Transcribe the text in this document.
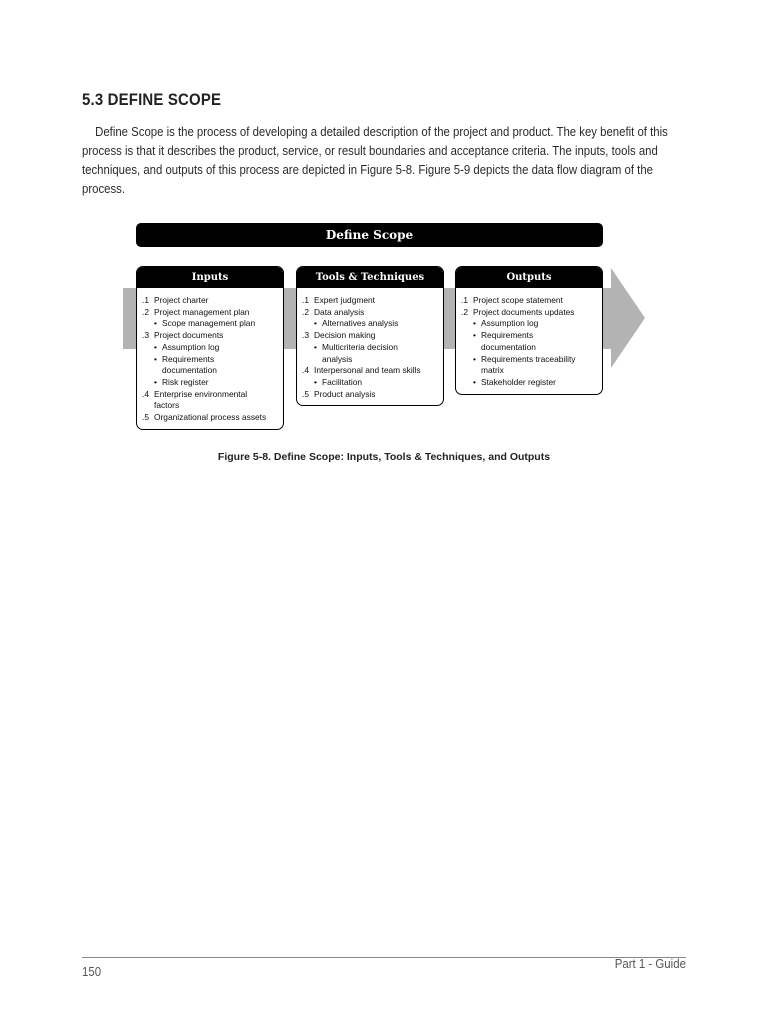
5.3 DEFINE SCOPE
Define Scope is the process of developing a detailed description of the project and product. The key benefit of this process is that it describes the product, service, or result boundaries and acceptance criteria. The inputs, tools and techniques, and outputs of this process are depicted in Figure 5-8. Figure 5-9 depicts the data flow diagram of the process.
Define Scope
Inputs
.1 Project charter
.2 Project management plan
• Scope management plan
.3 Project documents
• Assumption log
• Requirements
documentation
• Risk register
.4 Enterprise environmental
factors
.5 Organizational process assets
Tools & Techniques
.1 Expert judgment
.2 Data analysis
• Alternatives analysis
.3 Decision making
• Multicriteria decision
analysis
.4 Interpersonal and team skills
• Facilitation
.5 Product analysis
Outputs
.1 Project scope statement
.2 Project documents updates
• Assumption log
• Requirements
documentation
• Requirements traceability
matrix
• Stakeholder register
Figure 5-8. Define Scope: Inputs, Tools & Techniques, and Outputs
150
Part 1 - Guide
